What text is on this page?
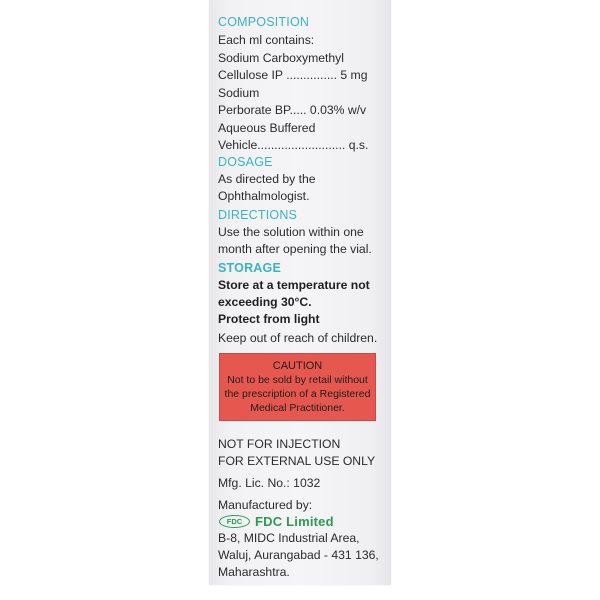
COMPOSITION
Each ml contains:
Sodium Carboxymethyl
Cellulose IP ............... 5 mg
Sodium
Perborate BP..... 0.03% w/v
Aqueous Buffered
Vehicle.......................... q.s.
DOSAGE
As directed by the
Ophthalmologist.
DIRECTIONS
Use the solution within one
month after opening the vial.
STORAGE
Store at a temperature not
exceeding 30°C.
Protect from light
Keep out of reach of children.
CAUTION
Not to be sold by retail without
the prescription of a Registered
Medical Practitioner.
NOT FOR INJECTION
FOR EXTERNAL USE ONLY
Mfg. Lic. No.: 1032
Manufactured by:
FDC FDC Limited
B-8, MIDC Industrial Area,
Waluj, Aurangabad - 431 136,
Maharashtra.
